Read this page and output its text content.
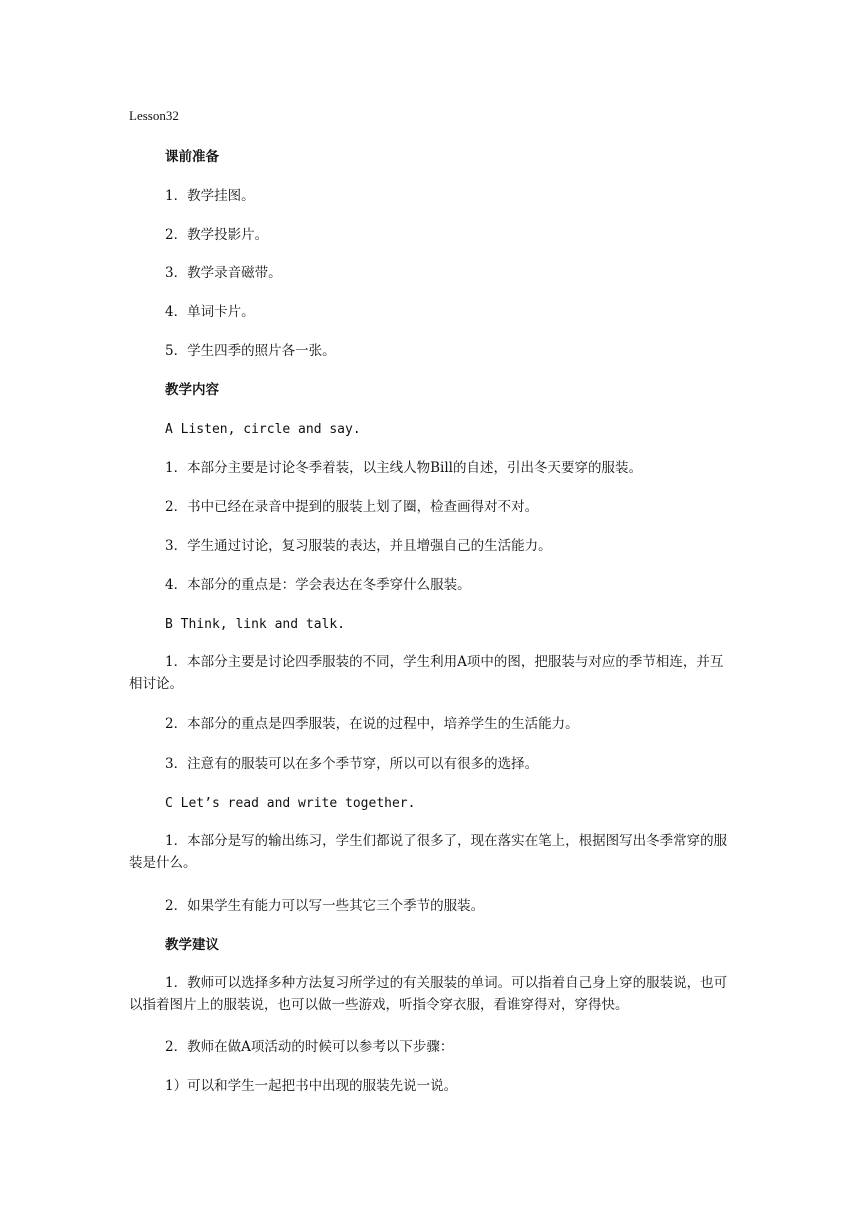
Lesson32
课前准备
1．教学挂图。
2．教学投影片。
3．教学录音磁带。
4．单词卡片。
5．学生四季的照片各一张。
教学内容
A Listen, circle and say.
1．本部分主要是讨论冬季着装，以主线人物Bill的自述，引出冬天要穿的服装。
2．书中已经在录音中提到的服装上划了圈，检查画得对不对。
3．学生通过讨论，复习服装的表达，并且增强自己的生活能力。
4．本部分的重点是：学会表达在冬季穿什么服装。
B Think, link and talk.
1．本部分主要是讨论四季服装的不同，学生利用A项中的图，把服装与对应的季节相连，并互相讨论。
2．本部分的重点是四季服装，在说的过程中，培养学生的生活能力。
3．注意有的服装可以在多个季节穿，所以可以有很多的选择。
C Let’s read and write together.
1．本部分是写的输出练习，学生们都说了很多了，现在落实在笔上，根据图写出冬季常穿的服装是什么。
2．如果学生有能力可以写一些其它三个季节的服装。
教学建议
1．教师可以选择多种方法复习所学过的有关服装的单词。可以指着自己身上穿的服装说，也可以指着图片上的服装说，也可以做一些游戏，听指令穿衣服，看谁穿得对，穿得快。
2．教师在做A项活动的时候可以参考以下步骤：
1）可以和学生一起把书中出现的服装先说一说。
